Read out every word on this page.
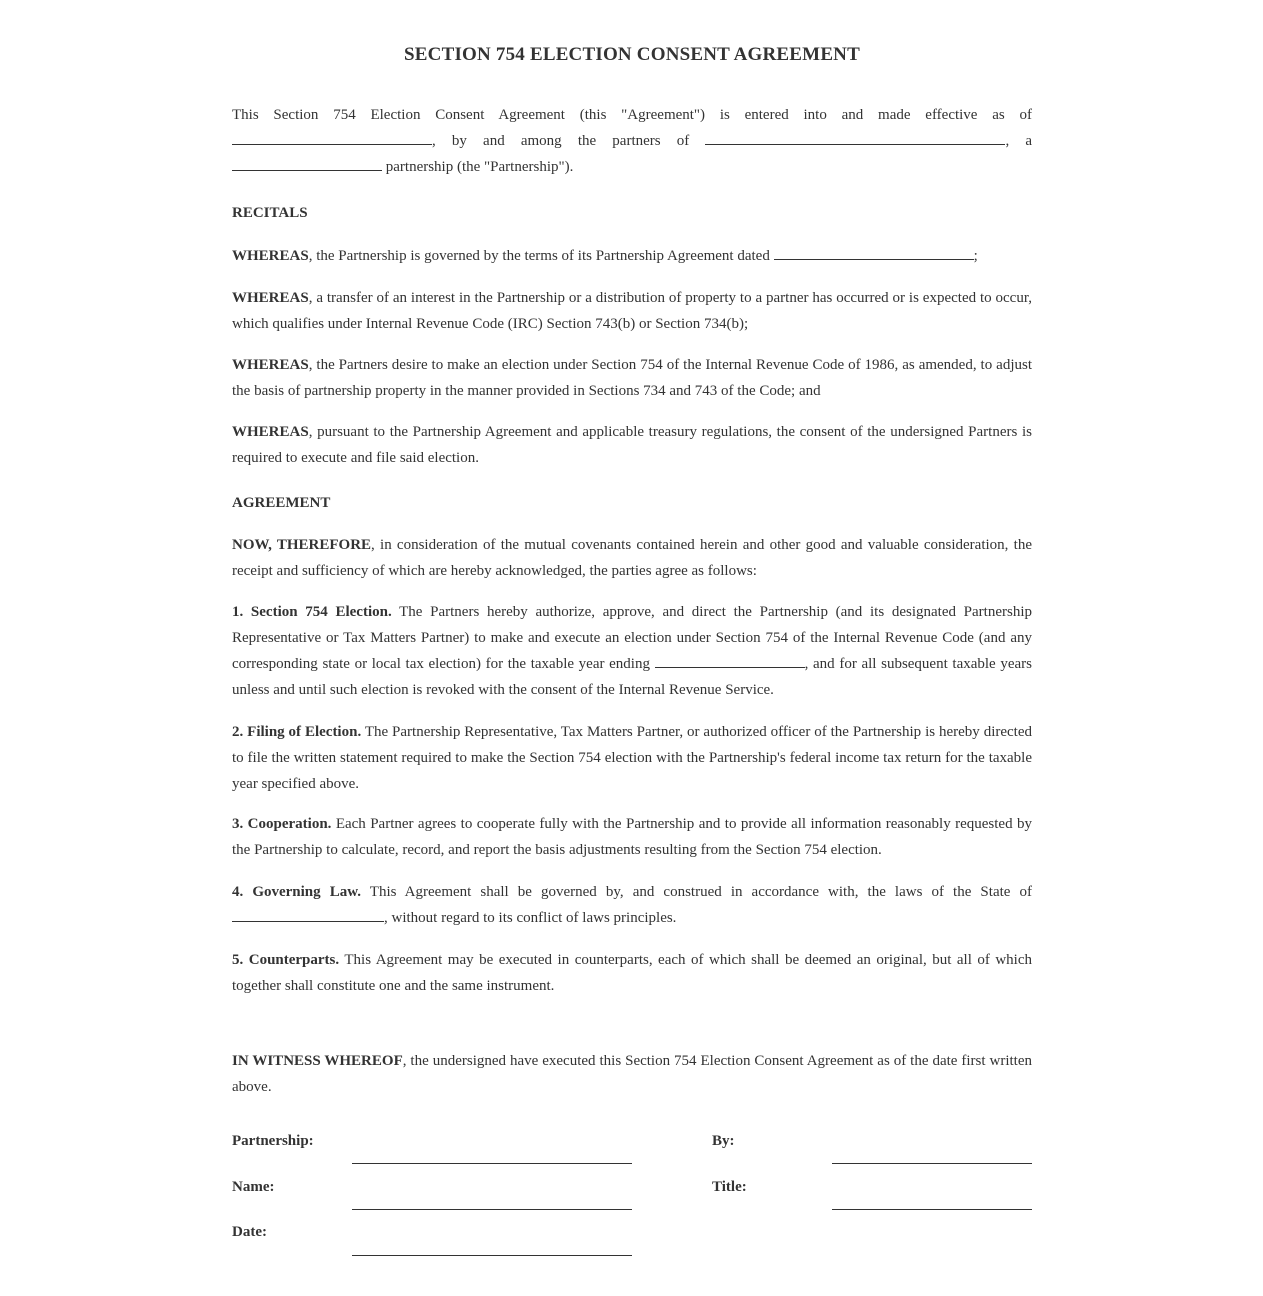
SECTION 754 ELECTION CONSENT AGREEMENT

This Section 754 Election Consent Agreement (this "Agreement") is entered into and made effective as of , by and among the partners of	, a  partnership (the "Partnership").

RECITALS

WHEREAS, the Partnership is governed by the terms of its Partnership Agreement dated	;

WHEREAS, a transfer of an interest in the Partnership or a distribution of property to a partner has occurred or is expected to occur, which qualifies under Internal Revenue Code (IRC) Section 743(b) or Section 734(b);

WHEREAS, the Partners desire to make an election under Section 754 of the Internal Revenue Code of 1986, as amended, to adjust the basis of partnership property in the manner provided in Sections 734 and 743 of the Code; and

WHEREAS, pursuant to the Partnership Agreement and applicable treasury regulations, the consent of the undersigned Partners is required to execute and file said election.

AGREEMENT

NOW, THEREFORE, in consideration of the mutual covenants contained herein and other good and valuable consideration, the receipt and sufficiency of which are hereby acknowledged, the parties agree as follows:

1. Section 754 Election. The Partners hereby authorize, approve, and direct the Partnership (and its designated Partnership Representative or Tax Matters Partner) to make and execute an election under Section 754 of the Internal Revenue Code (and any corresponding state or local tax election) for the taxable year ending	, and for all subsequent taxable years unless and until such election is revoked with the consent of the Internal Revenue Service.

2. Filing of Election. The Partnership Representative, Tax Matters Partner, or authorized officer of the Partnership is hereby directed to file the written statement required to make the Section 754 election with the Partnership's federal income tax return for the taxable year specified above.

3. Cooperation. Each Partner agrees to cooperate fully with the Partnership and to provide all information reasonably requested by the Partnership to calculate, record, and report the basis adjustments resulting from the Section 754 election.

4. Governing Law. This Agreement shall be governed by, and construed in accordance with, the laws of the State of , without regard to its conflict of laws principles.

5. Counterparts. This Agreement may be executed in counterparts, each of which shall be deemed an original, but all of which together shall constitute one and the same instrument.

IN WITNESS WHEREOF, the undersigned have executed this Section 754 Election Consent Agreement as of the date first written above.

Partnership:	By:

Name:	Title:

Date:
